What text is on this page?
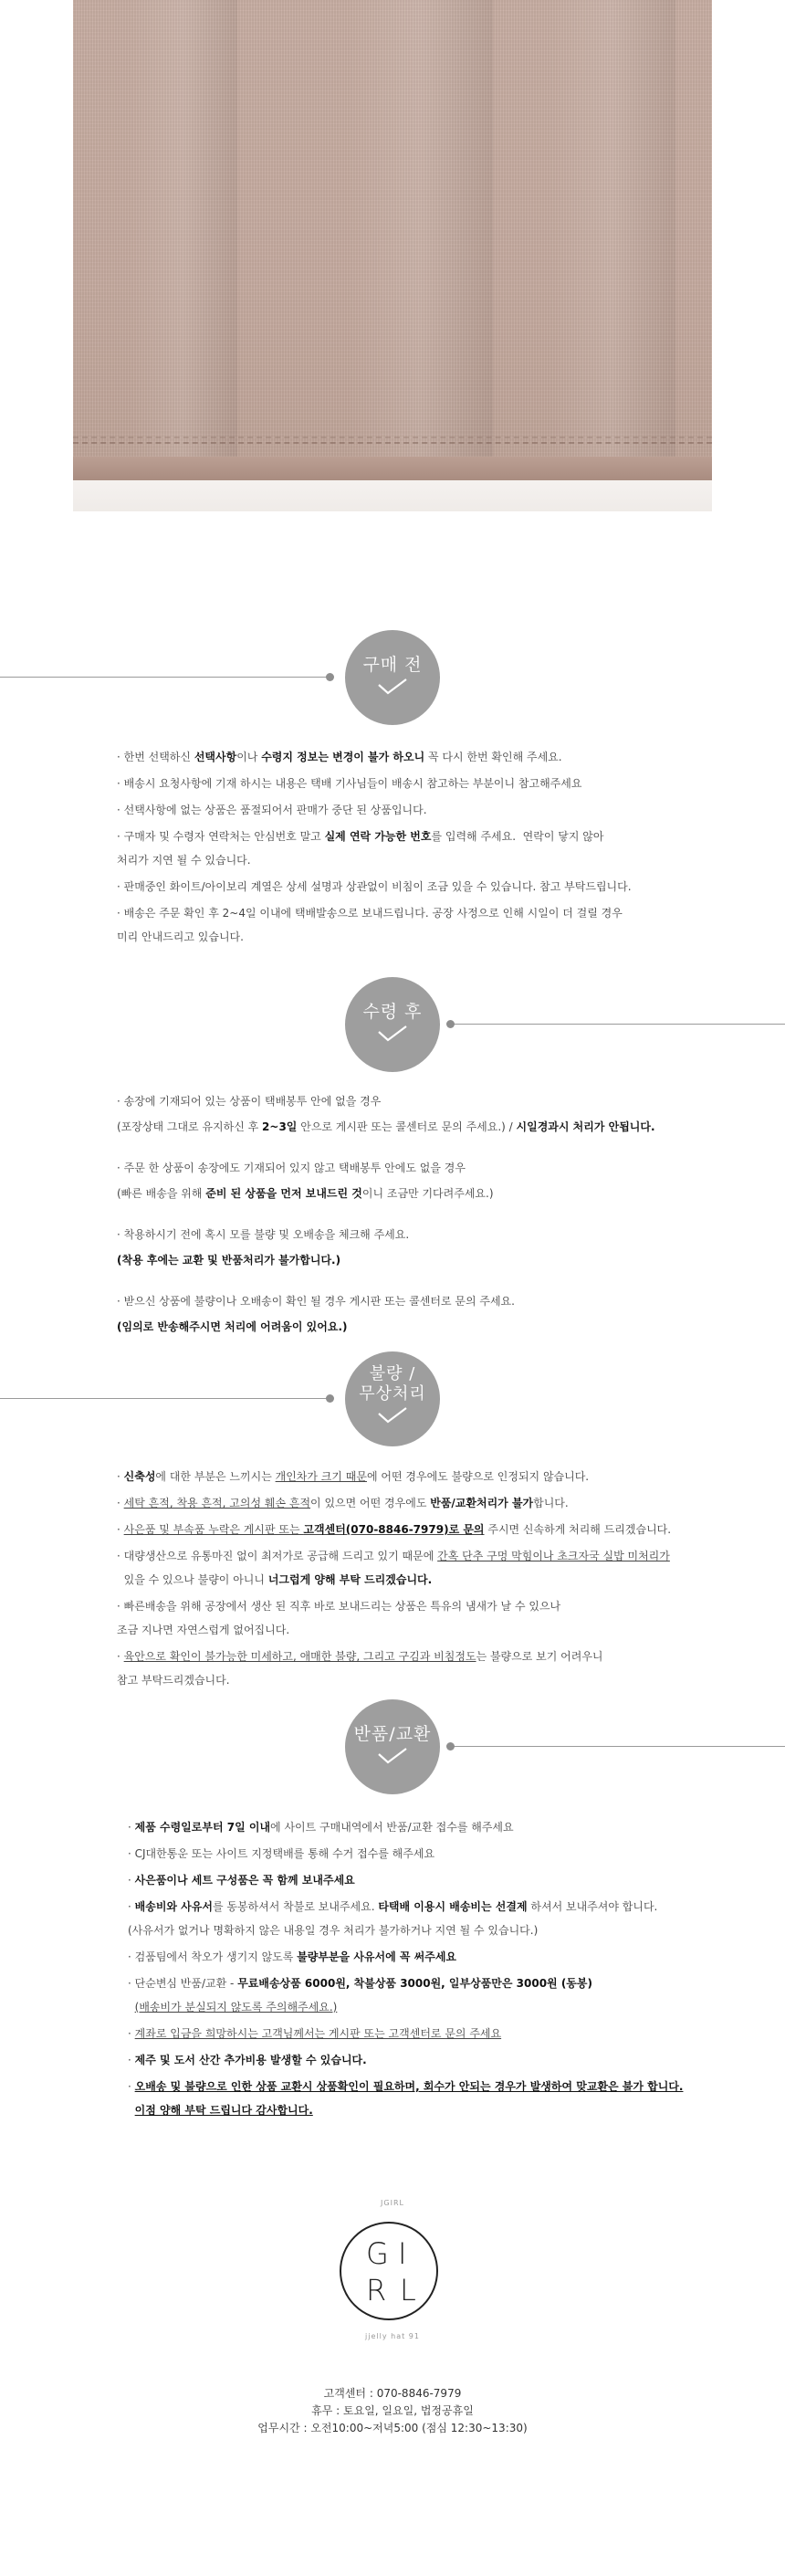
구매 전
· 한번 선택하신 선택사항이나 수령지 정보는 변경이 불가 하오니 꼭 다시 한번 확인해 주세요.
· 배송시 요청사항에 기재 하시는 내용은 택배 기사님들이 배송시 참고하는 부분이니 참고해주세요
· 선택사항에 없는 상품은 품절되어서 판매가 중단 된 상품입니다.
· 구매자 및 수령자 연락처는 안심번호 말고 실제 연락 가능한 번호를 입력해 주세요.  연락이 닿지 않아
처리가 지연 될 수 있습니다.
· 판매중인 화이트/아이보리 계열은 상세 설명과 상관없이 비침이 조금 있을 수 있습니다. 참고 부탁드립니다.
· 배송은 주문 확인 후 2~4일 이내에 택배발송으로 보내드립니다. 공장 사정으로 인해 시일이 더 걸릴 경우
미리 안내드리고 있습니다.
수령 후
· 송장에 기재되어 있는 상품이 택배봉투 안에 없을 경우
(포장상태 그대로 유지하신 후 2~3일 안으로 게시판 또는 콜센터로 문의 주세요.) / 시일경과시 처리가 안됩니다.
· 주문 한 상품이 송장에도 기재되어 있지 않고 택배봉투 안에도 없을 경우
(빠른 배송을 위해 준비 된 상품을 먼저 보내드린 것이니 조금만 기다려주세요.)
· 착용하시기 전에 혹시 모를 불량 및 오배송을 체크해 주세요.
(착용 후에는 교환 및 반품처리가 불가합니다.)
· 받으신 상품에 불량이나 오배송이 확인 될 경우 게시판 또는 콜센터로 문의 주세요.
(임의로 반송해주시면 처리에 어려움이 있어요.)
불량 /
무상처리
· 신축성에 대한 부분은 느끼시는 개인차가 크기 때문에 어떤 경우에도 불량으로 인정되지 않습니다.
· 세탁 흔적, 착용 흔적, 고의성 훼손 흔적이 있으면 어떤 경우에도 반품/교환처리가 불가합니다.
· 사은품 및 부속품 누락은 게시판 또는 고객센터(070-8846-7979)로 문의 주시면 신속하게 처리해 드리겠습니다.
· 대량생산으로 유통마진 없이 최저가로 공급해 드리고 있기 때문에 간혹 단추 구멍 막힘이나 초크자국 실밥 미처리가
있을 수 있으나 불량이 아니니 너그럽게 양해 부탁 드리겠습니다.
· 빠른배송을 위해 공장에서 생산 된 직후 바로 보내드리는 상품은 특유의 냄새가 날 수 있으나
조금 지나면 자연스럽게 없어집니다.
· 육안으로 확인이 불가능한 미세하고, 애매한 불량, 그리고 구김과 비침정도는 불량으로 보기 어려우니
참고 부탁드리겠습니다.
반품/교환
· 제품 수령일로부터 7일 이내에 사이트 구매내역에서 반품/교환 접수를 해주세요
· CJ대한통운 또는 사이트 지정택배를 통해 수거 접수를 해주세요
· 사은품이나 세트 구성품은 꼭 함께 보내주세요
· 배송비와 사유서를 동봉하셔서 착불로 보내주세요. 타택배 이용시 배송비는 선결제 하셔서 보내주셔야 합니다.
(사유서가 없거나 명확하지 않은 내용일 경우 처리가 불가하거나 지연 될 수 있습니다.)
· 검품팀에서 착오가 생기지 않도록 불량부분을 사유서에 꼭 써주세요
· 단순변심 반품/교환 - 무료배송상품 6000원, 착불상품 3000원, 일부상품만은 3000원 (동봉)
(배송비가 분실되지 않도록 주의해주세요.)
· 계좌로 입금을 희망하시는 고객님께서는 게시판 또는 고객센터로 문의 주세요
· 제주 및 도서 산간 추가비용 발생할 수 있습니다.
· 오배송 및 불량으로 인한 상품 교환시 상품확인이 필요하며, 회수가 안되는 경우가 발생하여 맞교환은 불가 합니다.
이점 양해 부탁 드립니다 감사합니다.
JGIRL
G I
R L
jjelly hat 91
고객센터 : 070-8846-7979
휴무 : 토요일, 일요일, 법정공휴일
업무시간 : 오전10:00~저녁5:00 (점심 12:30~13:30)
